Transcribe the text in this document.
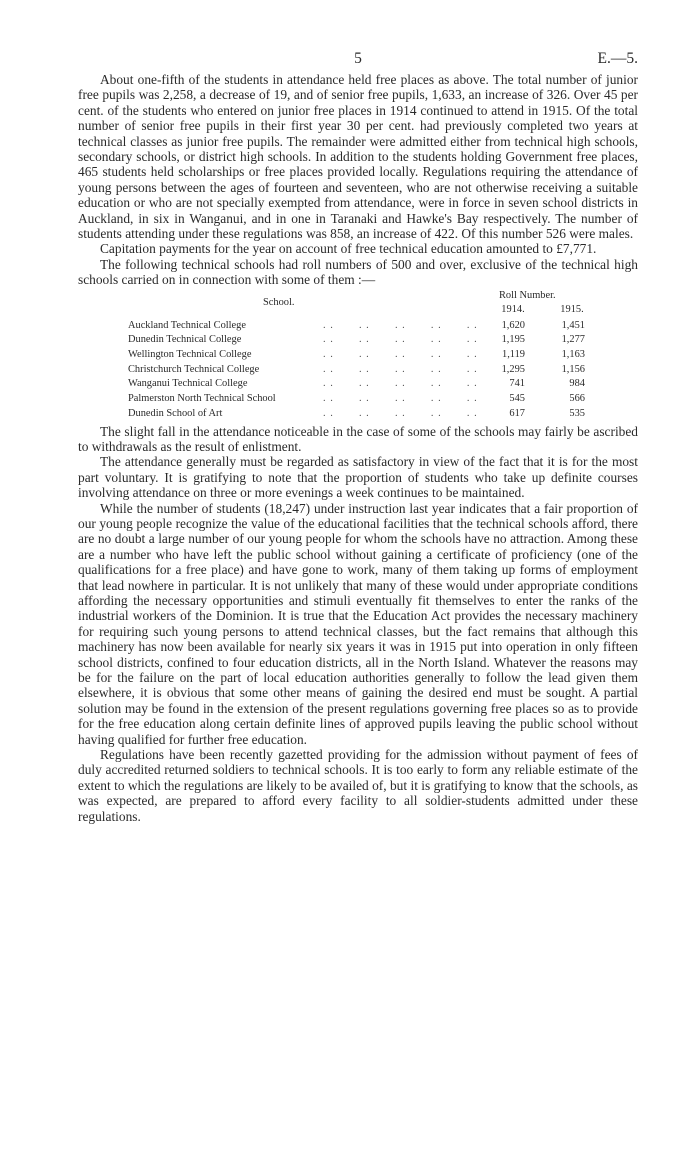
5	E.—5.

About one-fifth of the students in attendance held free places as above. The total number of junior free pupils was 2,258, a decrease of 19, and of senior free pupils, 1,633, an increase of 326. Over 45 per cent. of the students who entered on junior free places in 1914 continued to attend in 1915. Of the total number of senior free pupils in their first year 30 per cent. had previously completed two years at technical classes as junior free pupils. The remainder were admitted either from technical high schools, secondary schools, or district high schools. In addition to the students holding Government free places, 465 students held scholarships or free places provided locally. Regulations requiring the attendance of young persons between the ages of fourteen and seventeen, who are not otherwise receiving a suitable education or who are not specially exempted from attendance, were in force in seven school districts in Auckland, in six in Wanganui, and in one in Taranaki and Hawke's Bay respectively. The number of students attending under these regulations was 858, an increase of 422. Of this number 526 were males.

Capitation payments for the year on account of free technical education amounted to £7,771.

The following technical schools had roll numbers of 500 and over, exclusive of the technical high schools carried on in connection with some of them :—

School.
Roll Number.
1914.	1915.
Auckland Technical College	. .       . .       . .       . .       . .	1,620	1,451
Dunedin Technical College	. .       . .       . .       . .       . .	1,195	1,277
Wellington Technical College	. .       . .       . .       . .       . .	1,119	1,163
Christchurch Technical College	. .       . .       . .       . .       . .	1,295	1,156
Wanganui Technical College	. .       . .       . .       . .       . .	741	984
Palmerston North Technical School	. .       . .       . .       . .       . .	545	566
Dunedin School of Art	. .       . .       . .       . .       . .	617	535

The slight fall in the attendance noticeable in the case of some of the schools may fairly be ascribed to withdrawals as the result of enlistment.

The attendance generally must be regarded as satisfactory in view of the fact that it is for the most part voluntary. It is gratifying to note that the proportion of students who take up definite courses involving attendance on three or more evenings a week continues to be maintained.

While the number of students (18,247) under instruction last year indicates that a fair proportion of our young people recognize the value of the educational facilities that the technical schools afford, there are no doubt a large number of our young people for whom the schools have no attraction. Among these are a number who have left the public school without gaining a certificate of proficiency (one of the qualifications for a free place) and have gone to work, many of them taking up forms of employment that lead nowhere in particular. It is not unlikely that many of these would under appropriate conditions affording the necessary opportunities and stimuli eventually fit themselves to enter the ranks of the industrial workers of the Dominion. It is true that the Education Act provides the necessary machinery for requiring such young persons to attend technical classes, but the fact remains that although this machinery has now been available for nearly six years it was in 1915 put into operation in only fifteen school districts, confined to four education districts, all in the North Island. Whatever the reasons may be for the failure on the part of local education authorities generally to follow the lead given them elsewhere, it is obvious that some other means of gaining the desired end must be sought. A partial solution may be found in the extension of the present regulations governing free places so as to provide for the free education along certain definite lines of approved pupils leaving the public school without having qualified for further free education.

Regulations have been recently gazetted providing for the admission without payment of fees of duly accredited returned soldiers to technical schools. It is too early to form any reliable estimate of the extent to which the regulations are likely to be availed of, but it is gratifying to know that the schools, as was expected, are prepared to afford every facility to all soldier-students admitted under these regulations.
